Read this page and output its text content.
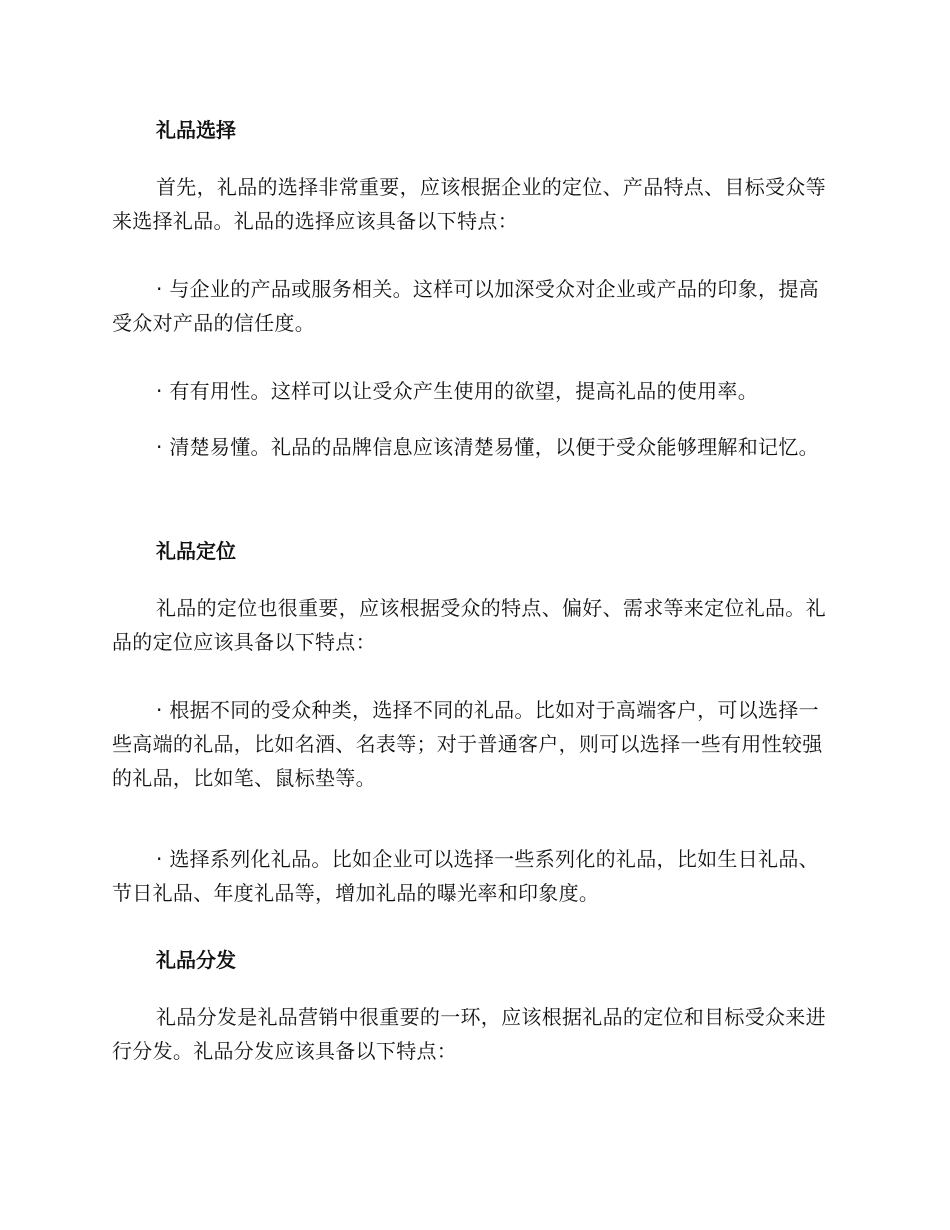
礼品选择
首先，礼品的选择非常重要，应该根据企业的定位、产品特点、目标受众等来选择礼品。礼品的选择应该具备以下特点：
· 与企业的产品或服务相关。这样可以加深受众对企业或产品的印象，提高受众对产品的信任度。
· 有有用性。这样可以让受众产生使用的欲望，提高礼品的使用率。
· 清楚易懂。礼品的品牌信息应该清楚易懂，以便于受众能够理解和记忆。
礼品定位
礼品的定位也很重要，应该根据受众的特点、偏好、需求等来定位礼品。礼品的定位应该具备以下特点：
· 根据不同的受众种类，选择不同的礼品。比如对于高端客户，可以选择一些高端的礼品，比如名酒、名表等；对于普通客户，则可以选择一些有用性较强的礼品，比如笔、鼠标垫等。
· 选择系列化礼品。比如企业可以选择一些系列化的礼品，比如生日礼品、节日礼品、年度礼品等，增加礼品的曝光率和印象度。
礼品分发
礼品分发是礼品营销中很重要的一环，应该根据礼品的定位和目标受众来进行分发。礼品分发应该具备以下特点：
